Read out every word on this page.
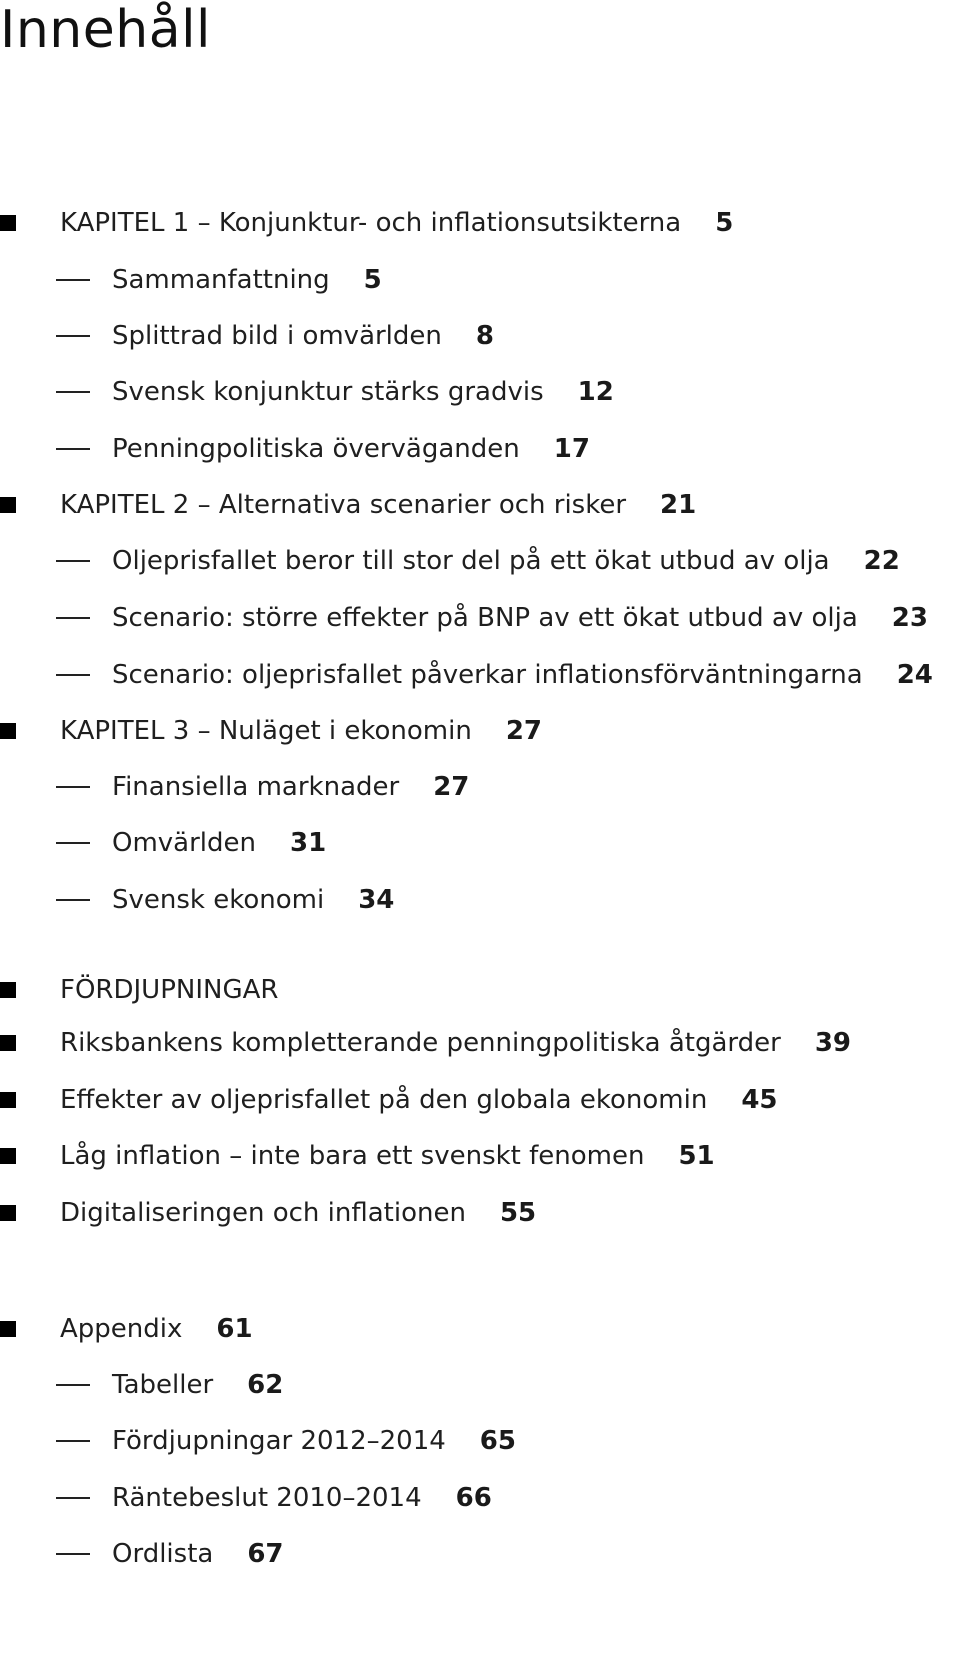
Innehåll
KAPITEL 1 – Konjunktur- och inflationsutsikterna 5
Sammanfattning 5
Splittrad bild i omvärlden 8
Svensk konjunktur stärks gradvis 12
Penningpolitiska överväganden 17
KAPITEL 2 – Alternativa scenarier och risker 21
Oljeprisfallet beror till stor del på ett ökat utbud av olja 22
Scenario: större effekter på BNP av ett ökat utbud av olja 23
Scenario: oljeprisfallet påverkar inflationsförväntningarna 24
KAPITEL 3 – Nuläget i ekonomin 27
Finansiella marknader 27
Omvärlden 31
Svensk ekonomi 34
FÖRDJUPNINGAR
Riksbankens kompletterande penningpolitiska åtgärder 39
Effekter av oljeprisfallet på den globala ekonomin 45
Låg inflation – inte bara ett svenskt fenomen 51
Digitaliseringen och inflationen 55
Appendix 61
Tabeller 62
Fördjupningar 2012–2014 65
Räntebeslut 2010–2014 66
Ordlista 67
